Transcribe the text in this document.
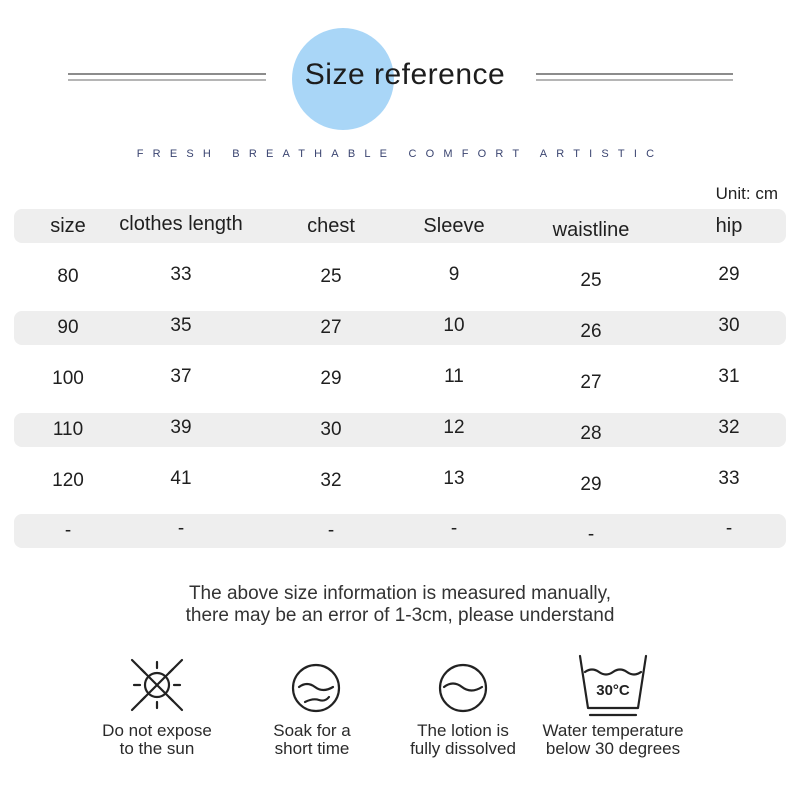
Size reference
FRESH BREATHABLE COMFORT ARTISTIC
Unit: cm
size	clothes length	chest	Sleeve	waistline	hip
80	33	25	9	25	29
90	35	27	10	26	30
100	37	29	11	27	31
110	39	30	12	28	32
120	41	32	13	29	33
-	-	-	-	-	-
The above size information is measured manually,
there may be an error of 1-3cm, please understand
Do not expose
to the sun
Soak for a
short time
The lotion is
fully dissolved
30°C
Water temperature
below 30 degrees
